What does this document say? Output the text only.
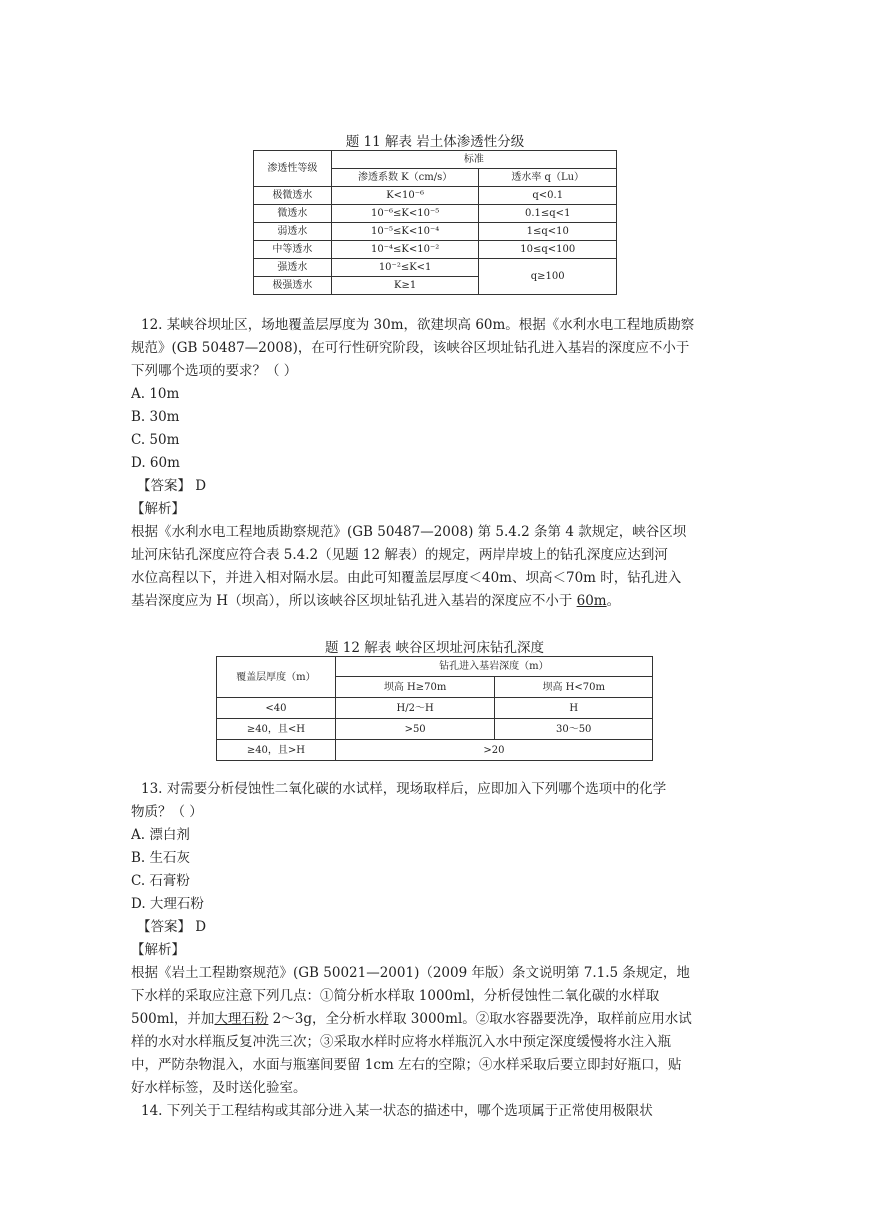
题 11 解表 岩土体渗透性分级
渗透性等级	标准	
	渗透系数 K（cm/s）	透水率 q（Lu）
极微透水	K<10⁻⁶	q<0.1
微透水	10⁻⁶≤K<10⁻⁵	0.1≤q<1
弱透水	10⁻⁵≤K<10⁻⁴	1≤q<10
中等透水	10⁻⁴≤K<10⁻²	10≤q<100
强透水	10⁻²≤K<1	q≥100
极强透水	K≥1	
12. 某峡谷坝址区，场地覆盖层厚度为 30m，欲建坝高 60m。根据《水利水电工程地质勘察
规范》(GB 50487—2008)，在可行性研究阶段，该峡谷区坝址钻孔进入基岩的深度应不小于
下列哪个选项的要求？（ ）
A. 10m
B. 30m
C. 50m
D. 60m
【答案】 D
【解析】
根据《水利水电工程地质勘察规范》(GB 50487—2008) 第 5.4.2 条第 4 款规定，峡谷区坝
址河床钻孔深度应符合表 5.4.2（见题 12 解表）的规定，两岸岸坡上的钻孔深度应达到河
水位高程以下，并进入相对隔水层。由此可知覆盖层厚度＜40m、坝高＜70m 时，钻孔进入
基岩深度应为 H（坝高），所以该峡谷区坝址钻孔进入基岩的深度应不小于 60m。
题 12 解表 峡谷区坝址河床钻孔深度
覆盖层厚度（m）	钻孔进入基岩深度（m）	
	坝高 H≥70m	坝高 H<70m
<40	H/2～H	H
≥40，且<H	>50	30～50
≥40，且>H	>20	
13. 对需要分析侵蚀性二氧化碳的水试样，现场取样后，应即加入下列哪个选项中的化学
物质？（ ）
A. 漂白剂
B. 生石灰
C. 石膏粉
D. 大理石粉
【答案】 D
【解析】
根据《岩土工程勘察规范》(GB 50021—2001)（2009 年版）条文说明第 7.1.5 条规定，地
下水样的采取应注意下列几点：①简分析水样取 1000ml，分析侵蚀性二氧化碳的水样取
500ml，并加大理石粉 2～3g，全分析水样取 3000ml。②取水容器要洗净，取样前应用水试
样的水对水样瓶反复冲洗三次；③采取水样时应将水样瓶沉入水中预定深度缓慢将水注入瓶
中，严防杂物混入，水面与瓶塞间要留 1cm 左右的空隙；④水样采取后要立即封好瓶口，贴
好水样标签，及时送化验室。
14. 下列关于工程结构或其部分进入某一状态的描述中，哪个选项属于正常使用极限状
